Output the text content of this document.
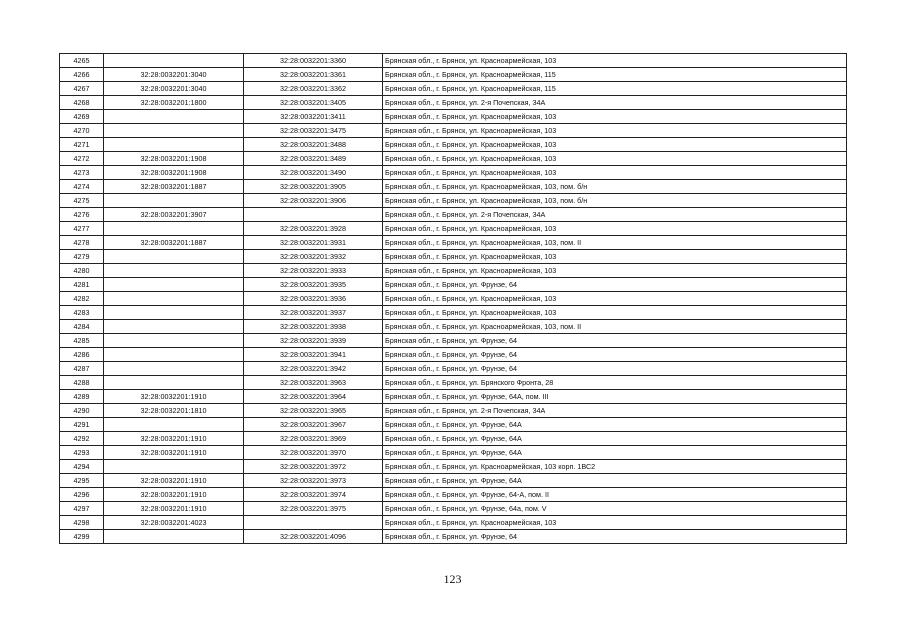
4265		32:28:0032201:3360	Брянская обл., г. Брянск, ул. Красноармейская, 103
4266	32:28:0032201:3040	32:28:0032201:3361	Брянская обл., г. Брянск, ул. Красноармейская, 115
4267	32:28:0032201:3040	32:28:0032201:3362	Брянская обл., г. Брянск, ул. Красноармейская, 115
4268	32:28:0032201:1800	32:28:0032201:3405	Брянская обл., г. Брянск, ул. 2-я Почепская, 34А
4269		32:28:0032201:3411	Брянская обл., г. Брянск, ул. Красноармейская, 103
4270		32:28:0032201:3475	Брянская обл., г. Брянск, ул. Красноармейская, 103
4271		32:28:0032201:3488	Брянская обл., г. Брянск, ул. Красноармейская, 103
4272	32:28:0032201:1908	32:28:0032201:3489	Брянская обл., г. Брянск, ул. Красноармейская, 103
4273	32:28:0032201:1908	32:28:0032201:3490	Брянская обл., г. Брянск, ул. Красноармейская, 103
4274	32:28:0032201:1887	32:28:0032201:3905	Брянская обл., г. Брянск, ул. Красноармейская, 103, пом. б/н
4275		32:28:0032201:3906	Брянская обл., г. Брянск, ул. Красноармейская, 103, пом. б/н
4276	32:28:0032201:3907		Брянская обл., г. Брянск, ул. 2-я Почепская, 34А
4277		32:28:0032201:3928	Брянская обл., г. Брянск, ул. Красноармейская, 103
4278	32:28:0032201:1887	32:28:0032201:3931	Брянская обл., г. Брянск, ул. Красноармейская, 103, пом. II
4279		32:28:0032201:3932	Брянская обл., г. Брянск, ул. Красноармейская, 103
4280		32:28:0032201:3933	Брянская обл., г. Брянск, ул. Красноармейская, 103
4281		32:28:0032201:3935	Брянская обл., г. Брянск, ул. Фрунзе, 64
4282		32:28:0032201:3936	Брянская обл., г. Брянск, ул. Красноармейская, 103
4283		32:28:0032201:3937	Брянская обл., г. Брянск, ул. Красноармейская, 103
4284		32:28:0032201:3938	Брянская обл., г. Брянск, ул. Красноармейская, 103, пом. II
4285		32:28:0032201:3939	Брянская обл., г. Брянск, ул. Фрунзе, 64
4286		32:28:0032201:3941	Брянская обл., г. Брянск, ул. Фрунзе, 64
4287		32:28:0032201:3942	Брянская обл., г. Брянск, ул. Фрунзе, 64
4288		32:28:0032201:3963	Брянская обл., г. Брянск, ул. Брянского Фронта, 28
4289	32:28:0032201:1910	32:28:0032201:3964	Брянская обл., г. Брянск, ул. Фрунзе, 64А, пом. III
4290	32:28:0032201:1810	32:28:0032201:3965	Брянская обл., г. Брянск, ул. 2-я Почепская, 34А
4291		32:28:0032201:3967	Брянская обл., г. Брянск, ул. Фрунзе, 64А
4292	32:28:0032201:1910	32:28:0032201:3969	Брянская обл., г. Брянск, ул. Фрунзе, 64А
4293	32:28:0032201:1910	32:28:0032201:3970	Брянская обл., г. Брянск, ул. Фрунзе, 64А
4294		32:28:0032201:3972	Брянская обл., г. Брянск, ул. Красноармейская, 103 корп. 1ВС2
4295	32:28:0032201:1910	32:28:0032201:3973	Брянская обл., г. Брянск, ул. Фрунзе, 64А
4296	32:28:0032201:1910	32:28:0032201:3974	Брянская обл., г. Брянск, ул. Фрунзе, 64-А, пом. II
4297	32:28:0032201:1910	32:28:0032201:3975	Брянская обл., г. Брянск, ул. Фрунзе, 64а, пом. V
4298	32:28:0032201:4023		Брянская обл., г. Брянск, ул. Красноармейская, 103
4299		32:28:0032201:4096	Брянская обл., г. Брянск, ул. Фрунзе, 64
123
